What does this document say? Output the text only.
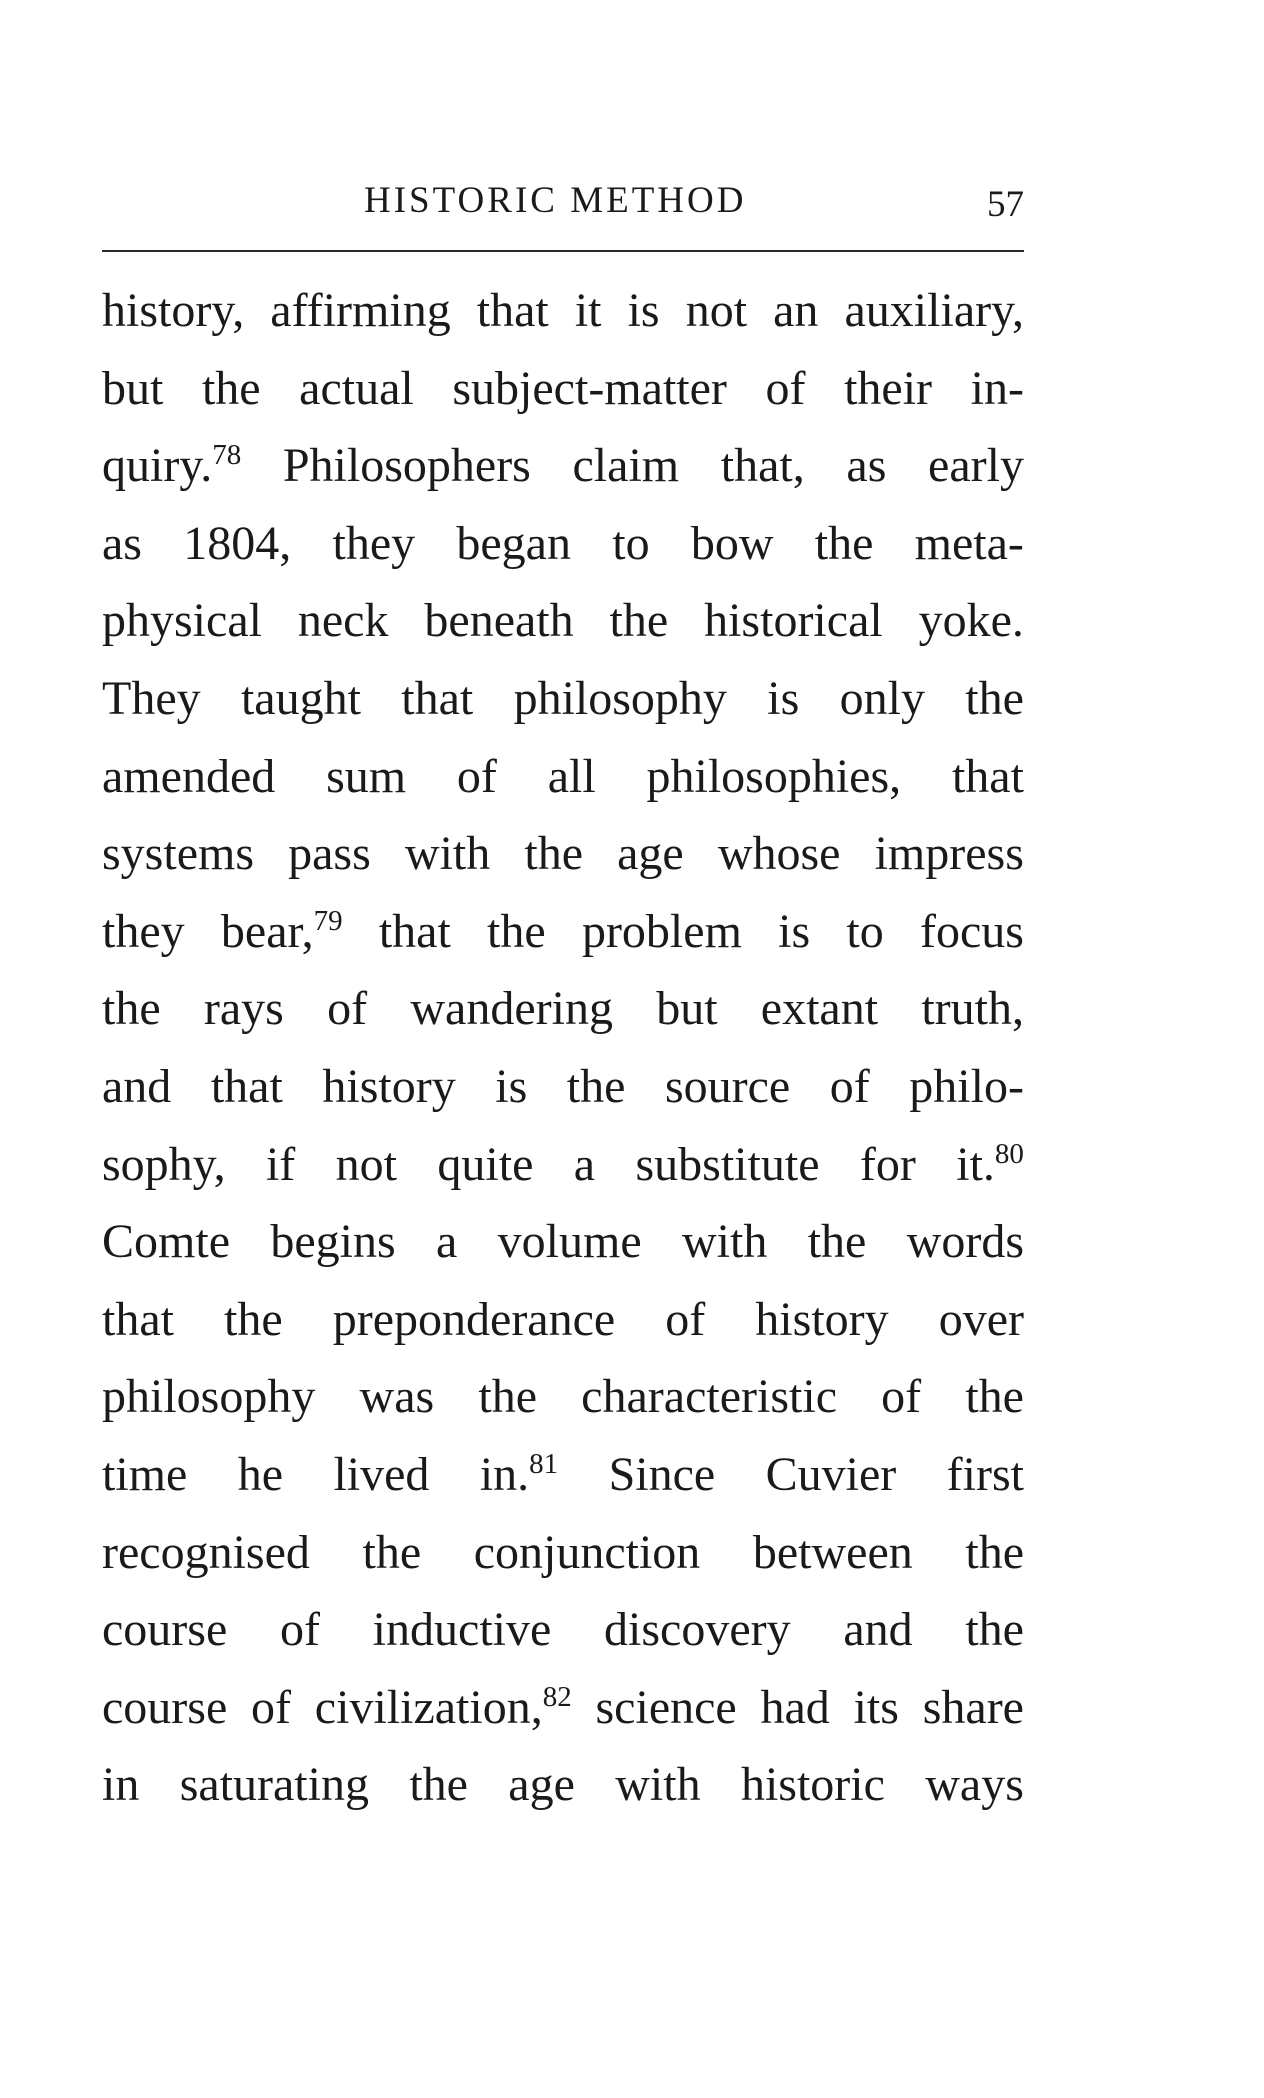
HISTORIC METHOD	57
history, affirming that it is not an auxiliary,
but the actual subject-matter of their in-
quiry.$^{78}$ Philosophers claim that, as early
as 1804, they began to bow the meta-
physical neck beneath the historical yoke.
They taught that philosophy is only the
amended sum of all philosophies, that
systems pass with the age whose impress
they bear,$^{79}$ that the problem is to focus
the rays of wandering but extant truth,
and that history is the source of philo-
sophy, if not quite a substitute for it.$^{80}$
Comte begins a volume with the words
that the preponderance of history over
philosophy was the characteristic of the
time he lived in.$^{81}$ Since Cuvier first
recognised the conjunction between the
course of inductive discovery and the
course of civilization,$^{82}$ science had its share
in saturating the age with historic ways
